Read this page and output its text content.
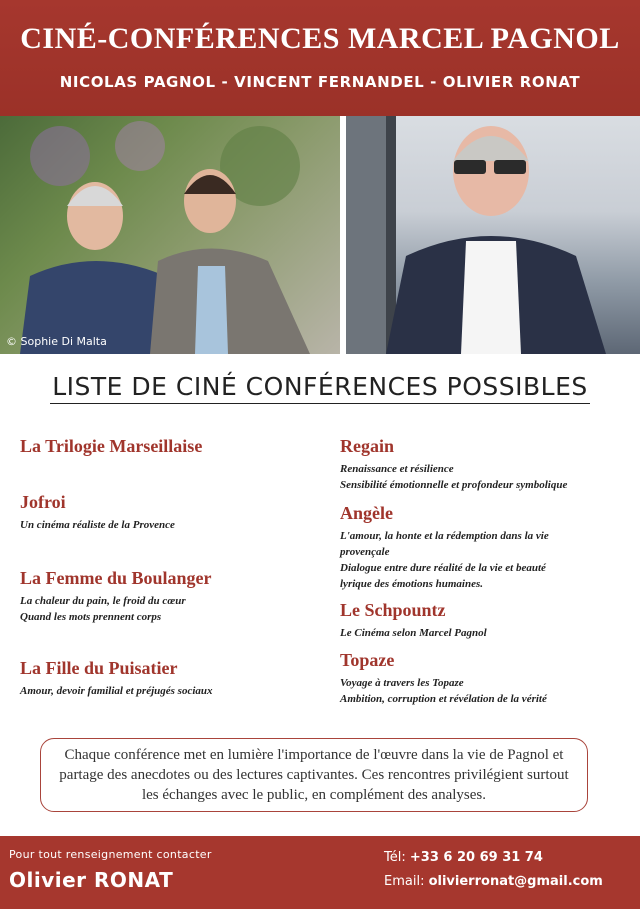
CINÉ-CONFÉRENCES MARCEL PAGNOL
NICOLAS PAGNOL - VINCENT FERNANDEL - OLIVIER RONAT
© Sophie Di Malta
LISTE DE CINÉ CONFÉRENCES POSSIBLES

La Trilogie Marseillaise

Jofroi

Un cinéma réaliste de la Provence

La Femme du Boulanger

La chaleur du pain, le froid du cœur

Quand les mots prennent corps

La Fille du Puisatier

Amour, devoir familial et préjugés sociaux

Regain

Renaissance et résilience

Sensibilité émotionnelle et profondeur symbolique

Angèle

L'amour, la honte et la rédemption dans la vie

provençale

Dialogue entre dure réalité de la vie et beauté

lyrique des émotions humaines.

Le Schpountz

Le Cinéma selon Marcel Pagnol

Topaze

Voyage à travers les Topaze

Ambition, corruption et révélation de la vérité

Chaque conférence met en lumière l'importance de l'œuvre dans la vie de Pagnol et partage des anecdotes ou des lectures captivantes. Ces rencontres privilégient surtout les échanges avec le public, en complément des analyses.
Pour tout renseignement contacter
Olivier RONAT
Tél: +33 6 20 69 31 74
Email: olivierronat@gmail.com
